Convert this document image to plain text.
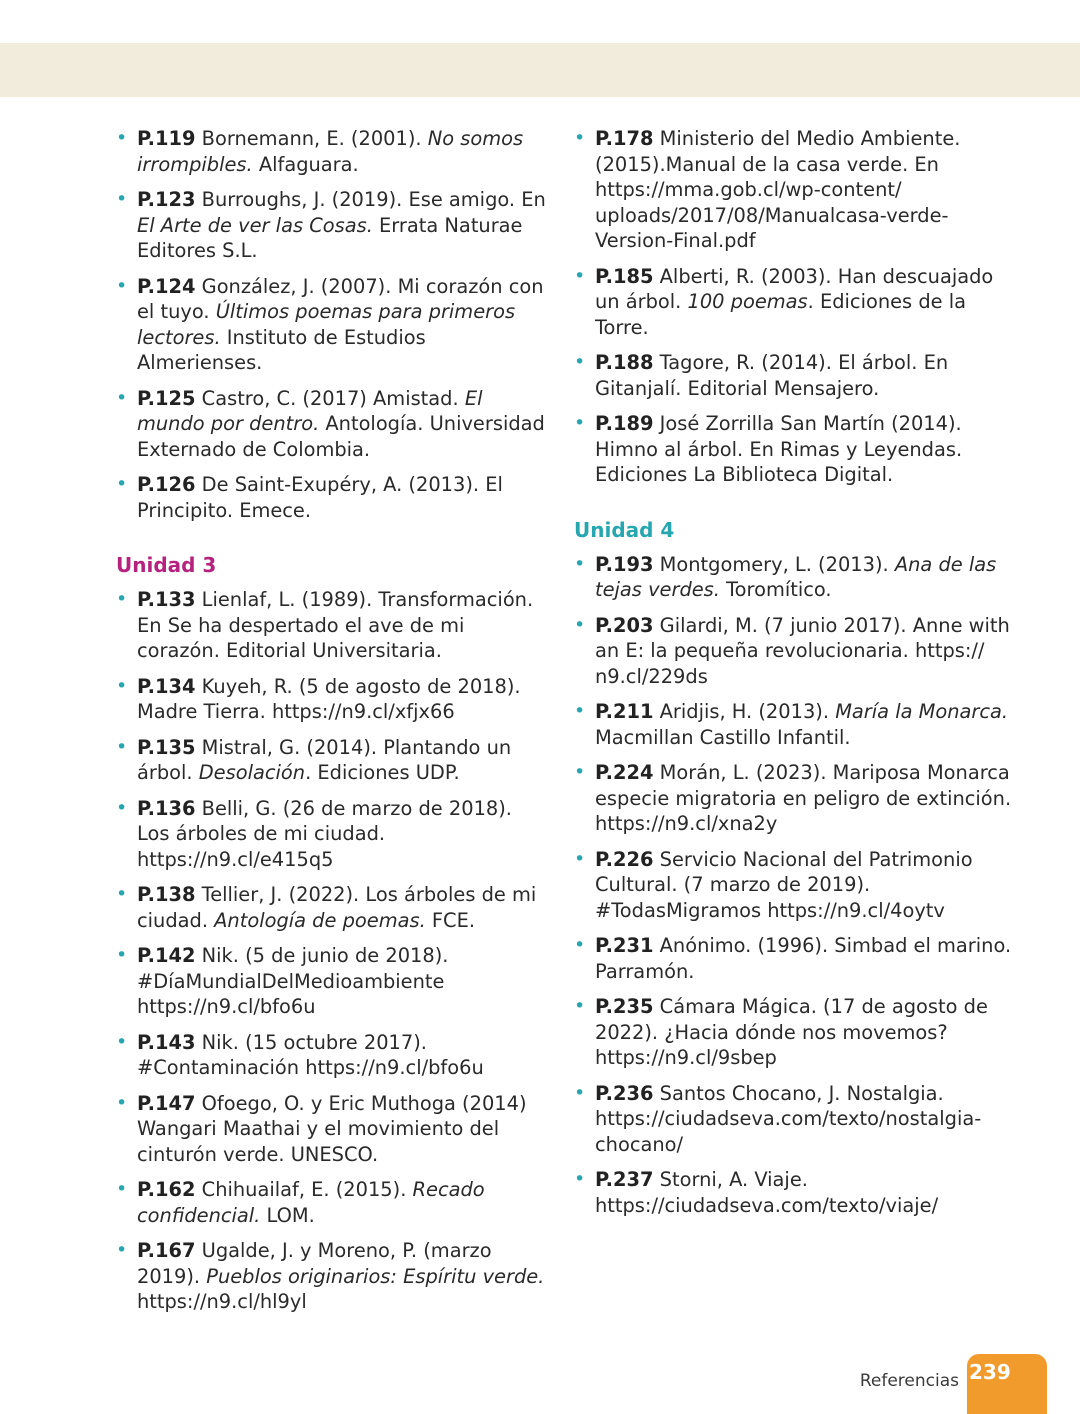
• P.119 Bornemann, E. (2001). No somos irrompibles. Alfaguara.
• P.123 Burroughs, J. (2019). Ese amigo. En El Arte de ver las Cosas. Errata Naturae Editores S.L.
• P.124 González, J. (2007). Mi corazón con el tuyo. Últimos poemas para primeros lectores. Instituto de Estudios Almerienses.
• P.125 Castro, C. (2017) Amistad. El mundo por dentro. Antología. Universidad Externado de Colombia.
• P.126 De Saint-Exupéry, A. (2013). El Principito. Emece.
Unidad 3
• P.133 Lienlaf, L. (1989). Transformación. En Se ha despertado el ave de mi corazón. Editorial Universitaria.
• P.134 Kuyeh, R. (5 de agosto de 2018). Madre Tierra. https://n9.cl/xfjx66
• P.135 Mistral, G. (2014). Plantando un árbol. Desolación. Ediciones UDP.
• P.136 Belli, G. (26 de marzo de 2018). Los árboles de mi ciudad. https://n9.cl/e415q5
• P.138 Tellier, J. (2022). Los árboles de mi ciudad. Antología de poemas. FCE.
• P.142 Nik. (5 de junio de 2018). #DíaMundialDelMedioambiente https://n9.cl/bfo6u
• P.143 Nik. (15 octubre 2017). #Contaminación https://n9.cl/bfo6u
• P.147 Ofoego, O. y Eric Muthoga (2014) Wangari Maathai y el movimiento del cinturón verde. UNESCO.
• P.162 Chihuailaf, E. (2015). Recado confidencial. LOM.
• P.167 Ugalde, J. y Moreno, P. (marzo 2019). Pueblos originarios: Espíritu verde. https://n9.cl/hl9yl
• P.178 Ministerio del Medio Ambiente. (2015).Manual de la casa verde. En https://mma.gob.cl/wp-content/ uploads/2017/08/Manualcasa-verde-Version-Final.pdf
• P.185 Alberti, R. (2003). Han descuajado un árbol. 100 poemas. Ediciones de la Torre.
• P.188 Tagore, R. (2014). El árbol. En Gitanjalí. Editorial Mensajero.
• P.189 José Zorrilla San Martín (2014). Himno al árbol. En Rimas y Leyendas. Ediciones La Biblioteca Digital.
Unidad 4
• P.193 Montgomery, L. (2013). Ana de las tejas verdes. Toromítico.
• P.203 Gilardi, M. (7 junio 2017). Anne with an E: la pequeña revolucionaria. https:// n9.cl/229ds
• P.211 Aridjis, H. (2013). María la Monarca. Macmillan Castillo Infantil.
• P.224 Morán, L. (2023). Mariposa Monarca especie migratoria en peligro de extinción. https://n9.cl/xna2y
• P.226 Servicio Nacional del Patrimonio Cultural. (7 marzo de 2019). #TodasMigramos https://n9.cl/4oytv
• P.231 Anónimo. (1996). Simbad el marino. Parramón.
• P.235 Cámara Mágica. (17 de agosto de 2022). ¿Hacia dónde nos movemos? https://n9.cl/9sbep
• P.236 Santos Chocano, J. Nostalgia. https://ciudadseva.com/texto/nostalgia-chocano/
• P.237 Storni, A. Viaje. https://ciudadseva.com/texto/viaje/
Referencias 239
